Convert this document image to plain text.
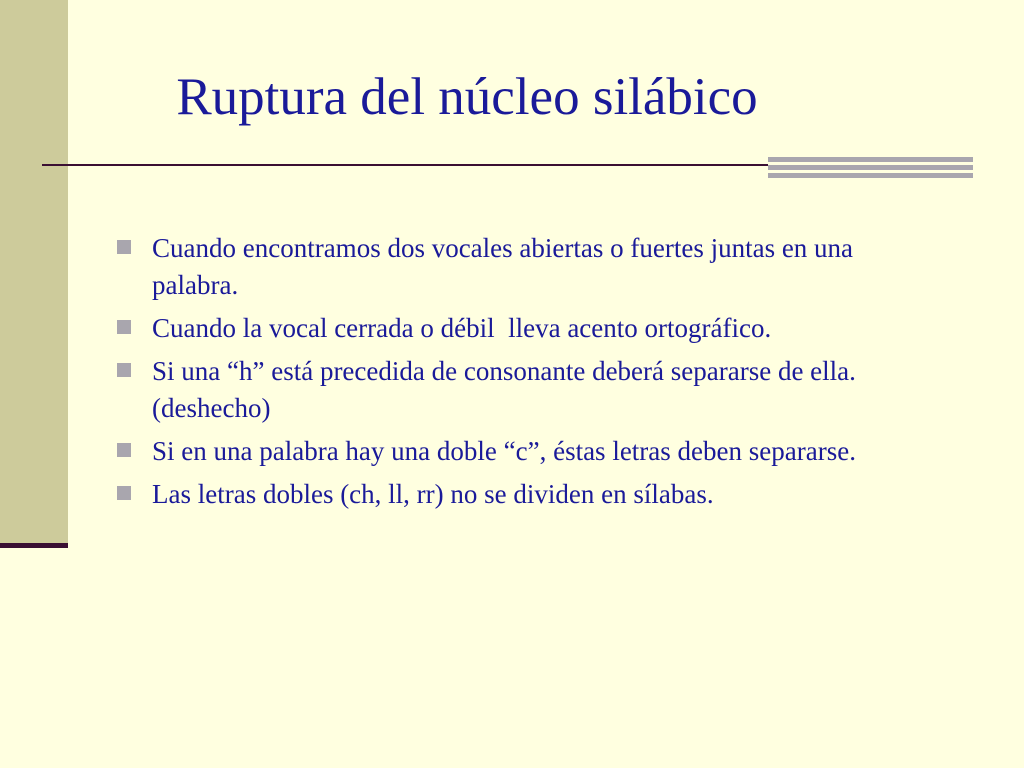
Ruptura del núcleo silábico
Cuando encontramos dos vocales abiertas o fuertes juntas en una palabra.
Cuando la vocal cerrada o débil  lleva acento ortográfico.
Si una “h” está precedida de consonante deberá separarse de ella.(deshecho)
Si en una palabra hay una doble “c”, éstas letras deben separarse.
Las letras dobles (ch, ll, rr) no se dividen en sílabas.
